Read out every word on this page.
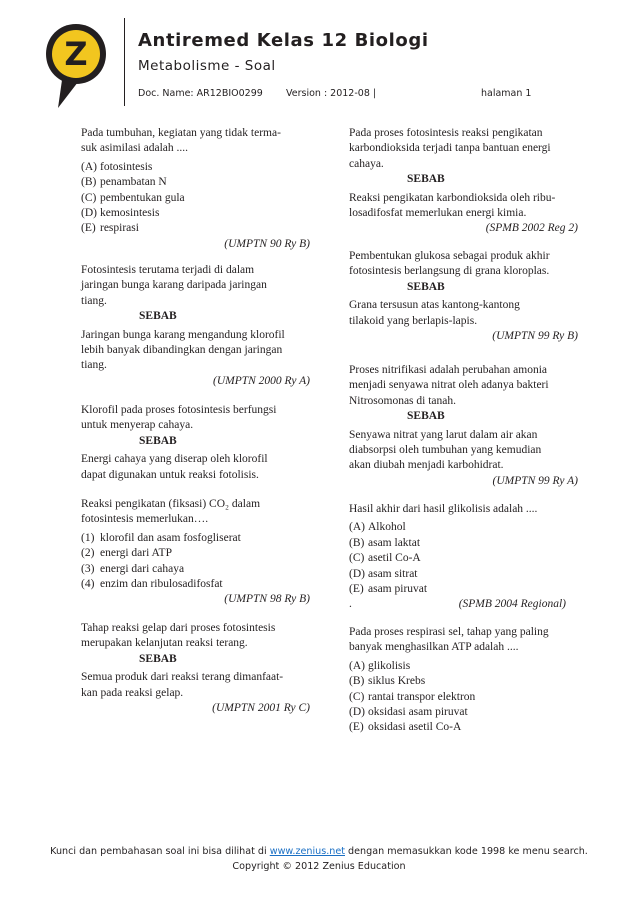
Z	Antiremed Kelas 12 Biologi
Metabolisme - Soal
Doc. Name: AR12BIO0299 Version : 2012-08 |	halaman 1
Pada tumbuhan, kegiatan yang tidak terma-
suk asimilasi adalah ....
(A) fotosintesis
(B) penambatan N
(C) pembentukan gula
(D) kemosintesis
(E) respirasi
(UMPTN 90 Ry B)
Fotosintesis terutama terjadi di dalam
jaringan bunga karang daripada jaringan
tiang.
SEBAB
Jaringan bunga karang mengandung klorofil
lebih banyak dibandingkan dengan jaringan
tiang.
(UMPTN 2000 Ry A)
Klorofil pada proses fotosintesis berfungsi
untuk menyerap cahaya.
SEBAB
Energi cahaya yang diserap oleh klorofil
dapat digunakan untuk reaksi fotolisis.
Reaksi pengikatan (fiksasi) CO₂ dalam
fotosintesis memerlukan….
(1) klorofil dan asam fosfogliserat
(2) energi dari ATP
(3) energi dari cahaya
(4) enzim dan ribulosadifosfat
(UMPTN 98 Ry B)
Tahap reaksi gelap dari proses fotosintesis
merupakan kelanjutan reaksi terang.
SEBAB
Semua produk dari reaksi terang dimanfaat-
kan pada reaksi gelap.
(UMPTN 2001 Ry C)
Pada proses fotosintesis reaksi pengikatan
karbondioksida terjadi tanpa bantuan energi
cahaya.
SEBAB
Reaksi pengikatan karbondioksida oleh ribu-
losadifosfat memerlukan energi kimia.
(SPMB 2002 Reg 2)
Pembentukan glukosa sebagai produk akhir
fotosintesis berlangsung di grana kloroplas.
SEBAB
Grana tersusun atas kantong-kantong
tilakoid yang berlapis-lapis.
(UMPTN 99 Ry B)
Proses nitrifikasi adalah perubahan amonia
menjadi senyawa nitrat oleh adanya bakteri
Nitrosomonas di tanah.
SEBAB
Senyawa nitrat yang larut dalam air akan
diabsorpsi oleh tumbuhan yang kemudian
akan diubah menjadi karbohidrat.
(UMPTN 99 Ry A)
Hasil akhir dari hasil glikolisis adalah ....
(A) Alkohol
(B) asam laktat
(C) asetil Co-A
(D) asam sitrat
(E) asam piruvat
.	(SPMB 2004 Regional)
Pada proses respirasi sel, tahap yang paling
banyak menghasilkan ATP adalah ....
(A) glikolisis
(B) siklus Krebs
(C) rantai transpor elektron
(D) oksidasi asam piruvat
(E) oksidasi asetil Co-A
Kunci dan pembahasan soal ini bisa dilihat di www.zenius.net dengan memasukkan kode 1998 ke menu search.
Copyright © 2012 Zenius Education
